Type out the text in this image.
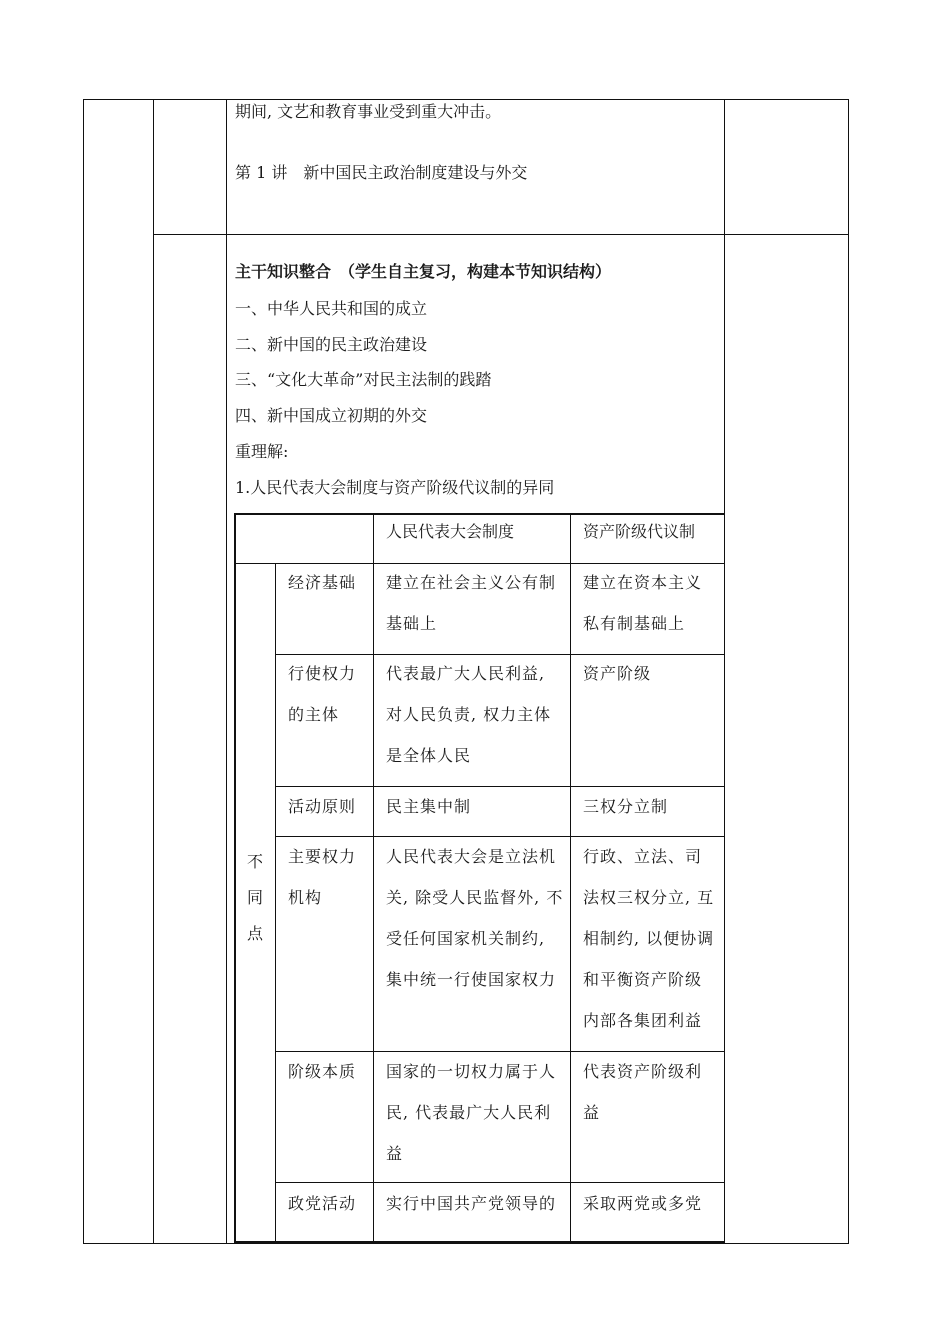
期间, 文艺和教育事业受到重大冲击。
第 1 讲　新中国民主政治制度建设与外交
主干知识整合　（学生自主复习，构建本节知识结构）
一、中华人民共和国的成立
二、新中国的民主政治建设
三、“文化大革命”对民主法制的践踏
四、新中国成立初期的外交
重理解:
1.人民代表大会制度与资产阶级代议制的异同
人民代表大会制度	资产阶级代议制
不
同
点
经济基础 建立在社会主义公有制
基础上
建立在资本主义
私有制基础上
行使权力
的主体
代表最广大人民利益,
对人民负责, 权力主体
是全体人民
资产阶级
活动原则 民主集中制	三权分立制
主要权力
机构
人民代表大会是立法机
关, 除受人民监督外, 不
受任何国家机关制约,
集中统一行使国家权力
行政、立法、司
法权三权分立, 互
相制约, 以便协调
和平衡资产阶级
内部各集团利益
阶级本质 国家的一切权力属于人
民, 代表最广大人民利
益
代表资产阶级利
益
政党活动 实行中国共产党领导的 采取两党或多党
